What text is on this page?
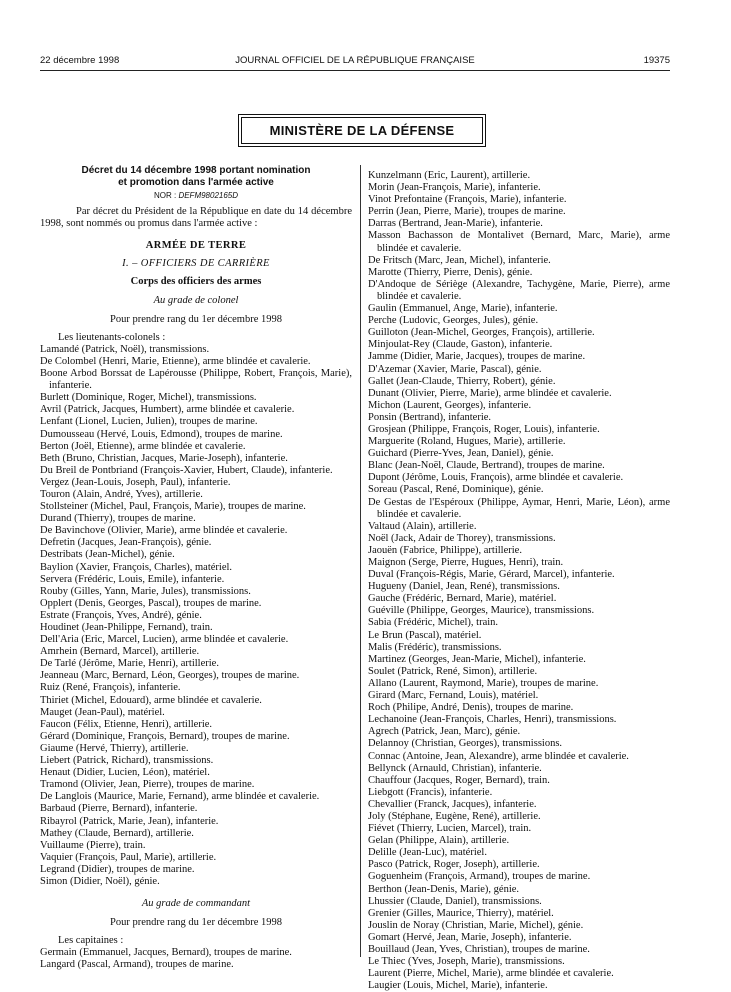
22 décembre 1998	JOURNAL OFFICIEL DE LA RÉPUBLIQUE FRANÇAISE	19375
MINISTÈRE DE LA DÉFENSE

Décret du 14 décembre 1998 portant nomination

et promotion dans l'armée active

NOR : DEFM9802165D

Par décret du Président de la République en date du 14 décembre 1998, sont nommés ou promus dans l'armée active :

ARMÉE DE TERRE

I. – OFFICIERS DE CARRIÈRE

Corps des officiers des armes

Au grade de colonel

Pour prendre rang du 1er décembre 1998

Les lieutenants-colonels :

Lamandé (Patrick, Noël), transmissions.
De Colombel (Henri, Marie, Etienne), arme blindée et cavalerie.
Boone Arbod Borssat de Lapérousse (Philippe, Robert, François, Marie), infanterie.
Burlett (Dominique, Roger, Michel), transmissions.
Avril (Patrick, Jacques, Humbert), arme blindée et cavalerie.
Lenfant (Lionel, Lucien, Julien), troupes de marine.
Dumousseau (Hervé, Louis, Edmond), troupes de marine.
Berton (Joël, Etienne), arme blindée et cavalerie.
Beth (Bruno, Christian, Jacques, Marie-Joseph), infanterie.
Du Breil de Pontbriand (François-Xavier, Hubert, Claude), infanterie.
Vergez (Jean-Louis, Joseph, Paul), infanterie.
Touron (Alain, André, Yves), artillerie.
Stollsteiner (Michel, Paul, François, Marie), troupes de marine.
Durand (Thierry), troupes de marine.
De Bavinchove (Olivier, Marie), arme blindée et cavalerie.
Defretin (Jacques, Jean-François), génie.
Destribats (Jean-Michel), génie.
Baylion (Xavier, François, Charles), matériel.
Servera (Frédéric, Louis, Emile), infanterie.
Rouby (Gilles, Yann, Marie, Jules), transmissions.
Opplert (Denis, Georges, Pascal), troupes de marine.
Estrate (François, Yves, André), génie.
Houdinet (Jean-Philippe, Fernand), train.
Dell'Aria (Eric, Marcel, Lucien), arme blindée et cavalerie.
Amrhein (Bernard, Marcel), artillerie.
De Tarlé (Jérôme, Marie, Henri), artillerie.
Jeanneau (Marc, Bernard, Léon, Georges), troupes de marine.
Ruiz (René, François), infanterie.
Thiriet (Michel, Edouard), arme blindée et cavalerie.
Mauget (Jean-Paul), matériel.
Faucon (Félix, Etienne, Henri), artillerie.
Gérard (Dominique, François, Bernard), troupes de marine.
Giaume (Hervé, Thierry), artillerie.
Liebert (Patrick, Richard), transmissions.
Henaut (Didier, Lucien, Léon), matériel.
Tramond (Olivier, Jean, Pierre), troupes de marine.
De Langlois (Maurice, Marie, Fernand), arme blindée et cavalerie.
Barbaud (Pierre, Bernard), infanterie.
Ribayrol (Patrick, Marie, Jean), infanterie.
Mathey (Claude, Bernard), artillerie.
Vuillaume (Pierre), train.
Vaquier (François, Paul, Marie), artillerie.
Legrand (Didier), troupes de marine.
Simon (Didier, Noël), génie.

Au grade de commandant

Pour prendre rang du 1er décembre 1998

Les capitaines :

Germain (Emmanuel, Jacques, Bernard), troupes de marine.
Langard (Pascal, Armand), troupes de marine.
Kunzelmann (Eric, Laurent), artillerie.
Morin (Jean-François, Marie), infanterie.
Vinot Prefontaine (François, Marie), infanterie.
Perrin (Jean, Pierre, Marie), troupes de marine.
Darras (Bertrand, Jean-Marie), infanterie.
Masson Bachasson de Montalivet (Bernard, Marc, Marie), arme blindée et cavalerie.
De Fritsch (Marc, Jean, Michel), infanterie.
Marotte (Thierry, Pierre, Denis), génie.
D'Andoque de Sériège (Alexandre, Tachygène, Marie, Pierre), arme blindée et cavalerie.
Gaulin (Emmanuel, Ange, Marie), infanterie.
Perche (Ludovic, Georges, Jules), génie.
Guilloton (Jean-Michel, Georges, François), artillerie.
Minjoulat-Rey (Claude, Gaston), infanterie.
Jamme (Didier, Marie, Jacques), troupes de marine.
D'Azemar (Xavier, Marie, Pascal), génie.
Gallet (Jean-Claude, Thierry, Robert), génie.
Dunant (Olivier, Pierre, Marie), arme blindée et cavalerie.
Michon (Laurent, Georges), infanterie.
Ponsin (Bertrand), infanterie.
Grosjean (Philippe, François, Roger, Louis), infanterie.
Marguerite (Roland, Hugues, Marie), artillerie.
Guichard (Pierre-Yves, Jean, Daniel), génie.
Blanc (Jean-Noël, Claude, Bertrand), troupes de marine.
Dupont (Jérôme, Louis, François), arme blindée et cavalerie.
Soreau (Pascal, René, Dominique), génie.
De Gestas de l'Espéroux (Philippe, Aymar, Henri, Marie, Léon), arme blindée et cavalerie.
Valtaud (Alain), artillerie.
Noël (Jack, Adair de Thorey), transmissions.
Jaouën (Fabrice, Philippe), artillerie.
Maignon (Serge, Pierre, Hugues, Henri), train.
Duval (François-Régis, Marie, Gérard, Marcel), infanterie.
Huguen​y (Daniel, Jean, René), transmissions.
Gauche (Frédéric, Bernard, Marie), matériel.
Guéville (Philippe, Georges, Maurice), transmissions.
Sabia (Frédéric, Michel), train.
Le Brun (Pascal), matériel.
Malis (Frédéric), transmissions.
Martinez (Georges, Jean-Marie, Michel), infanterie.
Soulet (Patrick, René, Simon), artillerie.
Allano (Laurent, Raymond, Marie), troupes de marine.
Girard (Marc, Fernand, Louis), matériel.
Roch (Philipe, André, Denis), troupes de marine.
Lechanoine (Jean-François, Charles, Henri), transmissions.
Agrech (Patrick, Jean, Marc), génie.
Delannoy (Christian, Georges), transmissions.
Connac (Antoine, Jean, Alexandre), arme blindée et cavalerie.
Bellynck (Arnauld, Christian), infanterie.
Chauffour (Jacques, Roger, Bernard), train.
Liebgott (Francis), infanterie.
Chevallier (Franck, Jacques), infanterie.
Joly (Stéphane, Eugène, René), artillerie.
Fiévet (Thierry, Lucien, Marcel), train.
Gelan (Philippe, Alain), artillerie.
Delille (Jean-Luc), matériel.
Pasco (Patrick, Roger, Joseph), artillerie.
Goguenheim (François, Armand), troupes de marine.
Berthon (Jean-Denis, Marie), génie.
Lhussier (Claude, Daniel), transmissions.
Grenier (Gilles, Maurice, Thierry), matériel.
Jouslin de Noray (Christian, Marie, Michel), génie.
Gomart (Hervé, Jean, Marie, Joseph), infanterie.
Bouillaud (Jean, Yves, Christian), troupes de marine.
Le Thiec (Yves, Joseph, Marie), transmissions.
Laurent (Pierre, Michel, Marie), arme blindée et cavalerie.
Laugier (Louis, Michel, Marie), infanterie.
